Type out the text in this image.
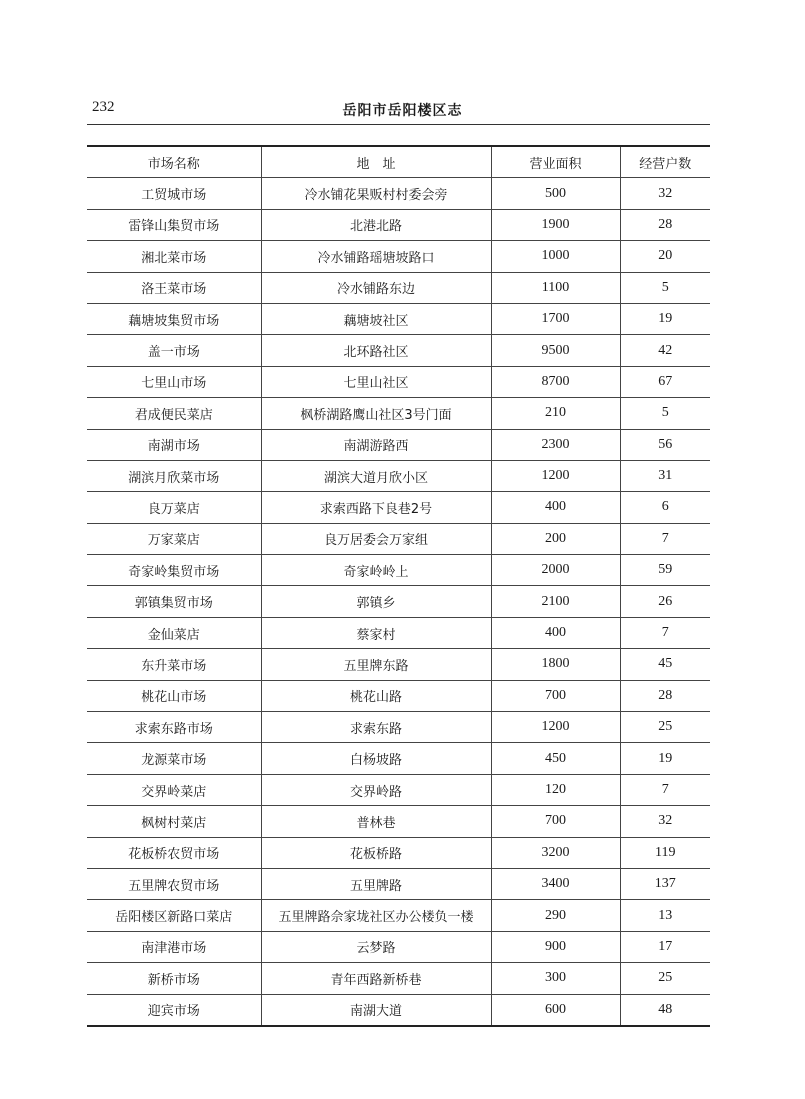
232	岳阳市岳阳楼区志
市场名称	地　址	营业面积	经营户数
工贸城市场	冷水铺花果贩村村委会旁	500	32
雷锋山集贸市场	北港北路	1900	28
湘北菜市场	冷水铺路瑶塘坡路口	1000	20
洛王菜市场	冷水铺路东边	1100	5
藕塘坡集贸市场	藕塘坡社区	1700	19
盖一市场	北环路社区	9500	42
七里山市场	七里山社区	8700	67
君成便民菜店	枫桥湖路鹰山社区3号门面	210	5
南湖市场	南湖游路西	2300	56
湖滨月欣菜市场	湖滨大道月欣小区	1200	31
良万菜店	求索西路下良巷2号	400	6
万家菜店	良万居委会万家组	200	7
奇家岭集贸市场	奇家岭岭上	2000	59
郭镇集贸市场	郭镇乡	2100	26
金仙菜店	蔡家村	400	7
东升菜市场	五里牌东路	1800	45
桃花山市场	桃花山路	700	28
求索东路市场	求索东路	1200	25
龙源菜市场	白杨坡路	450	19
交界岭菜店	交界岭路	120	7
枫树村菜店	普林巷	700	32
花板桥农贸市场	花板桥路	3200	119
五里牌农贸市场	五里牌路	3400	137
岳阳楼区新路口菜店	五里牌路佘家垅社区办公楼负一楼	290	13
南津港市场	云梦路	900	17
新桥市场	青年西路新桥巷	300	25
迎宾市场	南湖大道	600	48
